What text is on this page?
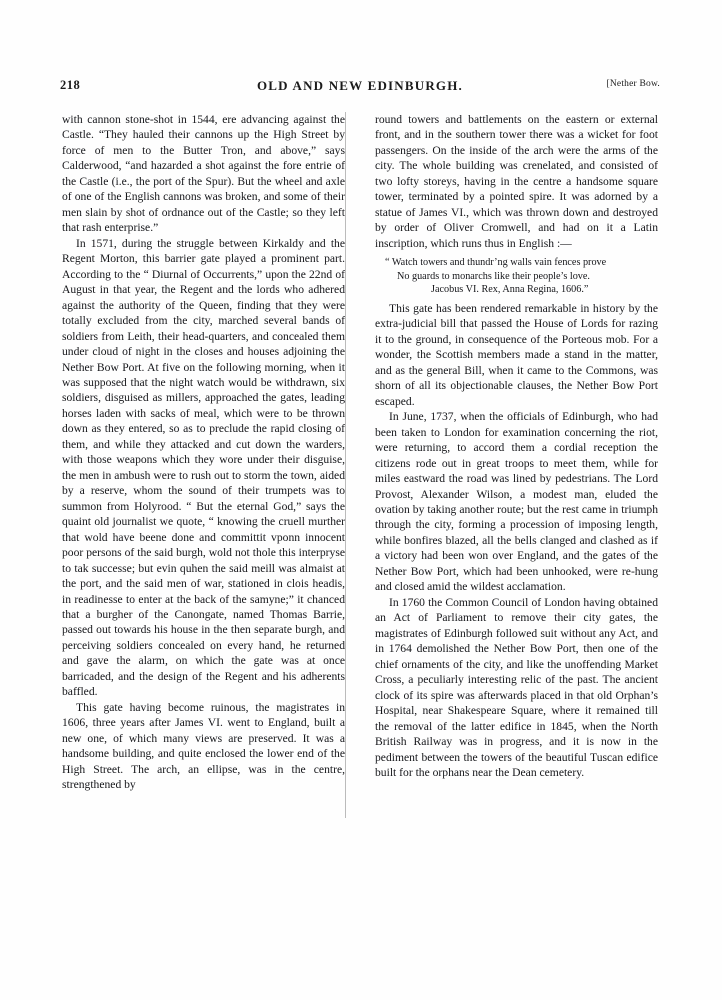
218	OLD AND NEW EDINBURGH.	[Nether Bow.

with cannon stone-shot in 1544, ere advancing against the Castle. “They hauled their cannons up the High Street by force of men to the Butter Tron, and above,” says Calderwood, “and hazarded a shot against the fore entrie of the Castle (i.e., the port of the Spur). But the wheel and axle of one of the English cannons was broken, and some of their men slain by shot of ordnance out of the Castle; so they left that rash enterprise.”

In 1571, during the struggle between Kirkaldy and the Regent Morton, this barrier gate played a prominent part. According to the “ Diurnal of Occurrents,” upon the 22nd of August in that year, the Regent and the lords who adhered against the authority of the Queen, finding that they were totally excluded from the city, marched several bands of soldiers from Leith, their head-quarters, and concealed them under cloud of night in the closes and houses adjoining the Nether Bow Port. At five on the following morning, when it was supposed that the night watch would be withdrawn, six soldiers, disguised as millers, approached the gates, leading horses laden with sacks of meal, which were to be thrown down as they entered, so as to preclude the rapid closing of them, and while they attacked and cut down the warders, with those weapons which they wore under their disguise, the men in ambush were to rush out to storm the town, aided by a reserve, whom the sound of their trumpets was to summon from Holyrood. “ But the eternal God,” says the quaint old journalist we quote, “ knowing the cruell murther that wold have beene done and committit vponn innocent poor persons of the said burgh, wold not thole this interpryse to tak successe; but evin quhen the said meill was almaist at the port, and the said men of war, stationed in clois headis, in readinesse to enter at the back of the samyne;” it chanced that a burgher of the Canongate, named Thomas Barrie, passed out towards his house in the then separate burgh, and perceiving soldiers concealed on every hand, he returned and gave the alarm, on which the gate was at once barricaded, and the design of the Regent and his adherents baffled.

This gate having become ruinous, the magistrates in 1606, three years after James VI. went to England, built a new one, of which many views are preserved. It was a handsome building, and quite enclosed the lower end of the High Street. The arch, an ellipse, was in the centre, strengthened by

round towers and battlements on the eastern or external front, and in the southern tower there was a wicket for foot passengers. On the inside of the arch were the arms of the city. The whole building was crenelated, and consisted of two lofty storeys, having in the centre a handsome square tower, terminated by a pointed spire. It was adorned by a statue of James VI., which was thrown down and destroyed by order of Oliver Cromwell, and had on it a Latin inscription, which runs thus in English :—

“ Watch towers and thundr’ng walls vain fences prove
No guards to monarchs like their people’s love.
Jacobus VI. Rex, Anna Regina, 1606.”

This gate has been rendered remarkable in history by the extra-judicial bill that passed the House of Lords for razing it to the ground, in consequence of the Porteous mob. For a wonder, the Scottish members made a stand in the matter, and as the general Bill, when it came to the Commons, was shorn of all its objectionable clauses, the Nether Bow Port escaped.

In June, 1737, when the officials of Edinburgh, who had been taken to London for examination concerning the riot, were returning, to accord them a cordial reception the citizens rode out in great troops to meet them, while for miles eastward the road was lined by pedestrians. The Lord Provost, Alexander Wilson, a modest man, eluded the ovation by taking another route; but the rest came in triumph through the city, forming a procession of imposing length, while bonfires blazed, all the bells clanged and clashed as if a victory had been won over England, and the gates of the Nether Bow Port, which had been unhooked, were re-hung and closed amid the wildest acclamation.

In 1760 the Common Council of London having obtained an Act of Parliament to remove their city gates, the magistrates of Edinburgh followed suit without any Act, and in 1764 demolished the Nether Bow Port, then one of the chief ornaments of the city, and like the unoffending Market Cross, a peculiarly interesting relic of the past. The ancient clock of its spire was afterwards placed in that old Orphan’s Hospital, near Shakespeare Square, where it remained till the removal of the latter edifice in 1845, when the North British Railway was in progress, and it is now in the pediment between the towers of the beautiful Tuscan edifice built for the orphans near the Dean cemetery.
